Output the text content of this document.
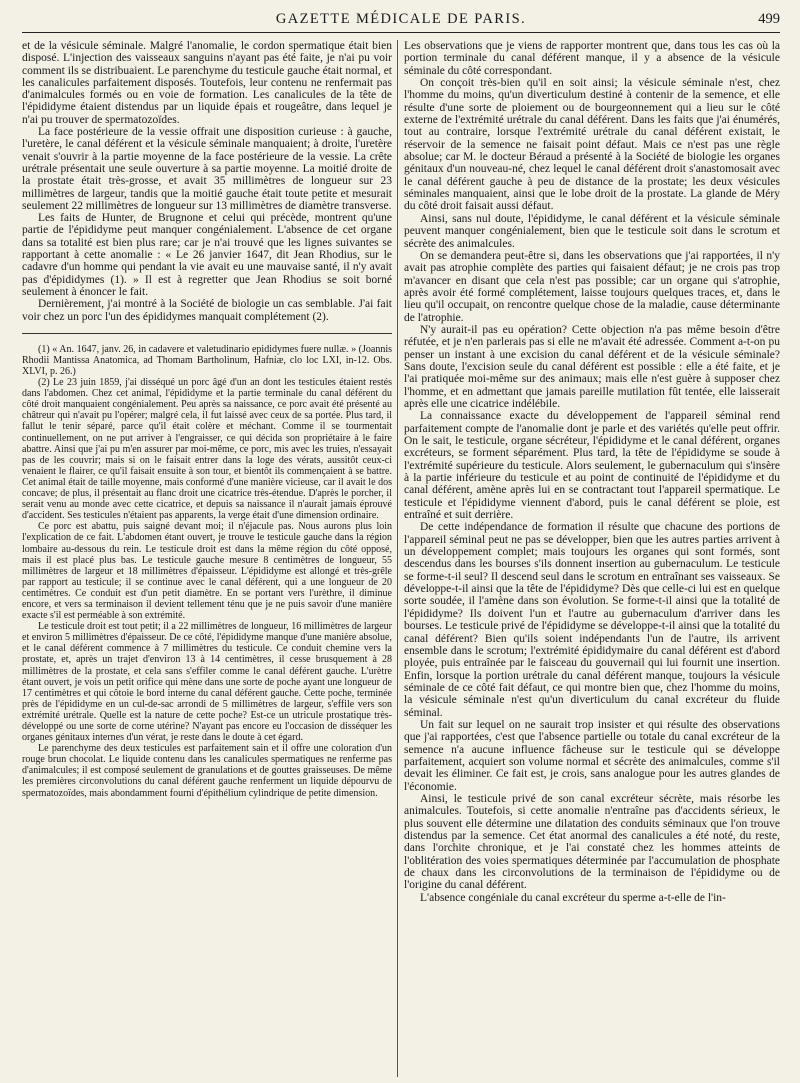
GAZETTE MÉDICALE DE PARIS.	499

et de la vésicule séminale. Malgré l'anomalie, le cordon spermatique était bien disposé. L'injection des vaisseaux sanguins n'ayant pas été faite, je n'ai pu voir comment ils se distribuaient. Le parenchyme du testicule gauche était normal, et les canalicules parfaitement disposés. Toutefois, leur contenu ne renfermait pas d'animalcules formés ou en voie de formation. Les canalicules de la tête de l'épididyme étaient distendus par un liquide épais et rougeâtre, dans lequel je n'ai pu trouver de spermatozoïdes.

La face postérieure de la vessie offrait une disposition curieuse : à gauche, l'uretère, le canal déférent et la vésicule séminale manquaient; à droite, l'uretère venait s'ouvrir à la partie moyenne de la face postérieure de la vessie. La crête urétrale présentait une seule ouverture à sa partie moyenne. La moitié droite de la prostate était très-grosse, et avait 35 millimètres de longueur sur 23 millimètres de largeur, tandis que la moitié gauche était toute petite et mesurait seulement 22 millimètres de longueur sur 13 millimètres de diamètre transverse.

Les faits de Hunter, de Brugnone et celui qui précède, montrent qu'une partie de l'épididyme peut manquer congénialement. L'absence de cet organe dans sa totalité est bien plus rare; car je n'ai trouvé que les lignes suivantes se rapportant à cette anomalie : « Le 26 janvier 1647, dit Jean Rhodius, sur le cadavre d'un homme qui pendant la vie avait eu une mauvaise santé, il n'y avait pas d'épididymes (1). » Il est à regretter que Jean Rhodius se soit borné seulement à énoncer le fait.

Dernièrement, j'ai montré à la Société de biologie un cas semblable. J'ai fait voir chez un porc l'un des épididymes manquait complétement (2).

(1) « An. 1647, janv. 26, in cadavere et valetudinario epididymes fuere nullæ. » (Joannis Rhodii Mantissa Anatomica, ad Thomam Bartholinum, Hafniæ, clo loc LXI, in-12. Obs. XLVI, p. 26.)

(2) Le 23 juin 1859, j'ai disséqué un porc âgé d'un an dont les testicules étaient restés dans l'abdomen. Chez cet animal, l'épididyme et la partie terminale du canal déférent du côté droit manquaient congénialement. Peu après sa naissance, ce porc avait été présenté au châtreur qui n'avait pu l'opérer; malgré cela, il fut laissé avec ceux de sa portée. Plus tard, il fallut le tenir séparé, parce qu'il était colère et méchant. Comme il se tourmentait continuellement, on ne put arriver à l'engraisser, ce qui décida son propriétaire à le faire abattre. Ainsi que j'ai pu m'en assurer par moi-même, ce porc, mis avec les truies, n'essayait pas de les couvrir; mais si on le faisait entrer dans la loge des vérats, aussitôt ceux-ci venaient le flairer, ce qu'il faisait ensuite à son tour, et bientôt ils commençaient à se battre. Cet animal était de taille moyenne, mais conformé d'une manière vicieuse, car il avait le dos concave; de plus, il présentait au flanc droit une cicatrice très-étendue. D'après le porcher, il serait venu au monde avec cette cicatrice, et depuis sa naissance il n'aurait jamais éprouvé d'accident. Ses testicules n'étaient pas apparents, la verge était d'une dimension ordinaire.

Ce porc est abattu, puis saigné devant moi; il n'éjacule pas. Nous aurons plus loin l'explication de ce fait. L'abdomen étant ouvert, je trouve le testicule gauche dans la région lombaire au-dessous du rein. Le testicule droit est dans la même région du côté opposé, mais il est placé plus bas. Le testicule gauche mesure 8 centimètres de longueur, 55 millimètres de largeur et 18 millimètres d'épaisseur. L'épididyme est allongé et très-grêle par rapport au testicule; il se continue avec le canal déférent, qui a une longueur de 20 centimètres. Ce conduit est d'un petit diamètre. En se portant vers l'urèthre, il diminue encore, et vers sa terminaison il devient tellement ténu que je ne puis savoir d'une manière exacte s'il est perméable à son extrémité.

Le testicule droit est tout petit; il a 22 millimètres de longueur, 16 millimètres de largeur et environ 5 millimètres d'épaisseur. De ce côté, l'épididyme manque d'une manière absolue, et le canal déférent commence à 7 millimètres du testicule. Ce conduit chemine vers la prostate, et, après un trajet d'environ 13 à 14 centimètres, il cesse brusquement à 28 millimètres de la prostate, et cela sans s'effiler comme le canal déférent gauche. L'urètre étant ouvert, je vois un petit orifice qui mène dans une sorte de poche ayant une longueur de 17 centimètres et qui côtoie le bord interne du canal déférent gauche. Cette poche, terminée près de l'épididyme en un cul-de-sac arrondi de 5 millimètres de largeur, s'effile vers son extrémité urétrale. Quelle est la nature de cette poche? Est-ce un utricule prostatique très-développé ou une sorte de corne utérine? N'ayant pas encore eu l'occasion de disséquer les organes génitaux internes d'un vérat, je reste dans le doute à cet égard.

Le parenchyme des deux testicules est parfaitement sain et il offre une coloration d'un rouge brun chocolat. Le liquide contenu dans les canalicules spermatiques ne renferme pas d'animalcules; il est composé seulement de granulations et de gouttes graisseuses. De même les premières circonvolutions du canal déférent gauche renferment un liquide dépourvu de spermatozoïdes, mais abondamment fourni d'épithélium cylindrique de petite dimension.

Les observations que je viens de rapporter montrent que, dans tous les cas où la portion terminale du canal déférent manque, il y a absence de la vésicule séminale du côté correspondant.

On conçoit très-bien qu'il en soit ainsi; la vésicule séminale n'est, chez l'homme du moins, qu'un diverticulum destiné à contenir de la semence, et elle résulte d'une sorte de ploiement ou de bourgeonnement qui a lieu sur le côté externe de l'extrémité urétrale du canal déférent. Dans les faits que j'ai énumérés, tout au contraire, lorsque l'extrémité urétrale du canal déférent existait, le réservoir de la semence ne faisait point défaut. Mais ce n'est pas une règle absolue; car M. le docteur Béraud a présenté à la Société de biologie les organes génitaux d'un nouveau-né, chez lequel le canal déférent droit s'anastomosait avec le canal déférent gauche à peu de distance de la prostate; les deux vésicules séminales manquaient, ainsi que le lobe droit de la prostate. La glande de Méry du côté droit faisait aussi défaut.

Ainsi, sans nul doute, l'épididyme, le canal déférent et la vésicule séminale peuvent manquer congénialement, bien que le testicule soit dans le scrotum et sécrète des animalcules.

On se demandera peut-être si, dans les observations que j'ai rapportées, il n'y avait pas atrophie complète des parties qui faisaient défaut; je ne crois pas trop m'avancer en disant que cela n'est pas possible; car un organe qui s'atrophie, après avoir été formé complétement, laisse toujours quelques traces, et, dans le lieu qu'il occupait, on rencontre quelque chose de la maladie, cause déterminante de l'atrophie.

N'y aurait-il pas eu opération? Cette objection n'a pas même besoin d'être réfutée, et je n'en parlerais pas si elle ne m'avait été adressée. Comment a-t-on pu penser un instant à une excision du canal déférent et de la vésicule séminale? Sans doute, l'excision seule du canal déférent est possible : elle a été faite, et je l'ai pratiquée moi-même sur des animaux; mais elle n'est guère à supposer chez l'homme, et en admettant que jamais pareille mutilation fût tentée, elle laisserait après elle une cicatrice indélébile.

La connaissance exacte du développement de l'appareil séminal rend parfaitement compte de l'anomalie dont je parle et des variétés qu'elle peut offrir. On le sait, le testicule, organe sécréteur, l'épididyme et le canal déférent, organes excréteurs, se forment séparément. Plus tard, la tête de l'épididyme se soude à l'extrémité supérieure du testicule. Alors seulement, le gubernaculum qui s'insère à la partie inférieure du testicule et au point de continuité de l'épididyme et du canal déférent, amène après lui en se contractant tout l'appareil spermatique. Le testicule et l'épididyme viennent d'abord, puis le canal déférent se ploie, est entraîné et suit derrière.

De cette indépendance de formation il résulte que chacune des portions de l'appareil séminal peut ne pas se développer, bien que les autres parties arrivent à un développement complet; mais toujours les organes qui sont formés, sont descendus dans les bourses s'ils donnent insertion au gubernaculum. Le testicule se forme-t-il seul? Il descend seul dans le scrotum en entraînant ses vaisseaux. Se développe-t-il ainsi que la tête de l'épididyme? Dès que celle-ci lui est en quelque sorte soudée, il l'amène dans son évolution. Se forme-t-il ainsi que la totalité de l'épididyme? Ils doivent l'un et l'autre au gubernaculum d'arriver dans les bourses. Le testicule privé de l'épididyme se développe-t-il ainsi que la totalité du canal déférent? Bien qu'ils soient indépendants l'un de l'autre, ils arrivent ensemble dans le scrotum; l'extrémité épididymaire du canal déférent est d'abord ployée, puis entraînée par le faisceau du gouvernail qui lui fournit une insertion. Enfin, lorsque la portion urétrale du canal déférent manque, toujours la vésicule séminale de ce côté fait défaut, ce qui montre bien que, chez l'homme du moins, la vésicule séminale n'est qu'un diverticulum du canal excréteur du fluide séminal.

Un fait sur lequel on ne saurait trop insister et qui résulte des observations que j'ai rapportées, c'est que l'absence partielle ou totale du canal excréteur de la semence n'a aucune influence fâcheuse sur le testicule qui se développe parfaitement, acquiert son volume normal et sécrète des animalcules, comme s'il devait les éliminer. Ce fait est, je crois, sans analogue pour les autres glandes de l'économie.

Ainsi, le testicule privé de son canal excréteur sécrète, mais résorbe les animalcules. Toutefois, si cette anomalie n'entraîne pas d'accidents sérieux, le plus souvent elle détermine une dilatation des conduits séminaux que l'on trouve distendus par la semence. Cet état anormal des canalicules a été noté, du reste, dans l'orchite chronique, et je l'ai constaté chez les hommes atteints de l'oblitération des voies spermatiques déterminée par l'accumulation de phosphate de chaux dans les circonvolutions de la terminaison de l'épididyme ou de l'origine du canal déférent.

L'absence congéniale du canal excréteur du sperme a-t-elle de l'in-
